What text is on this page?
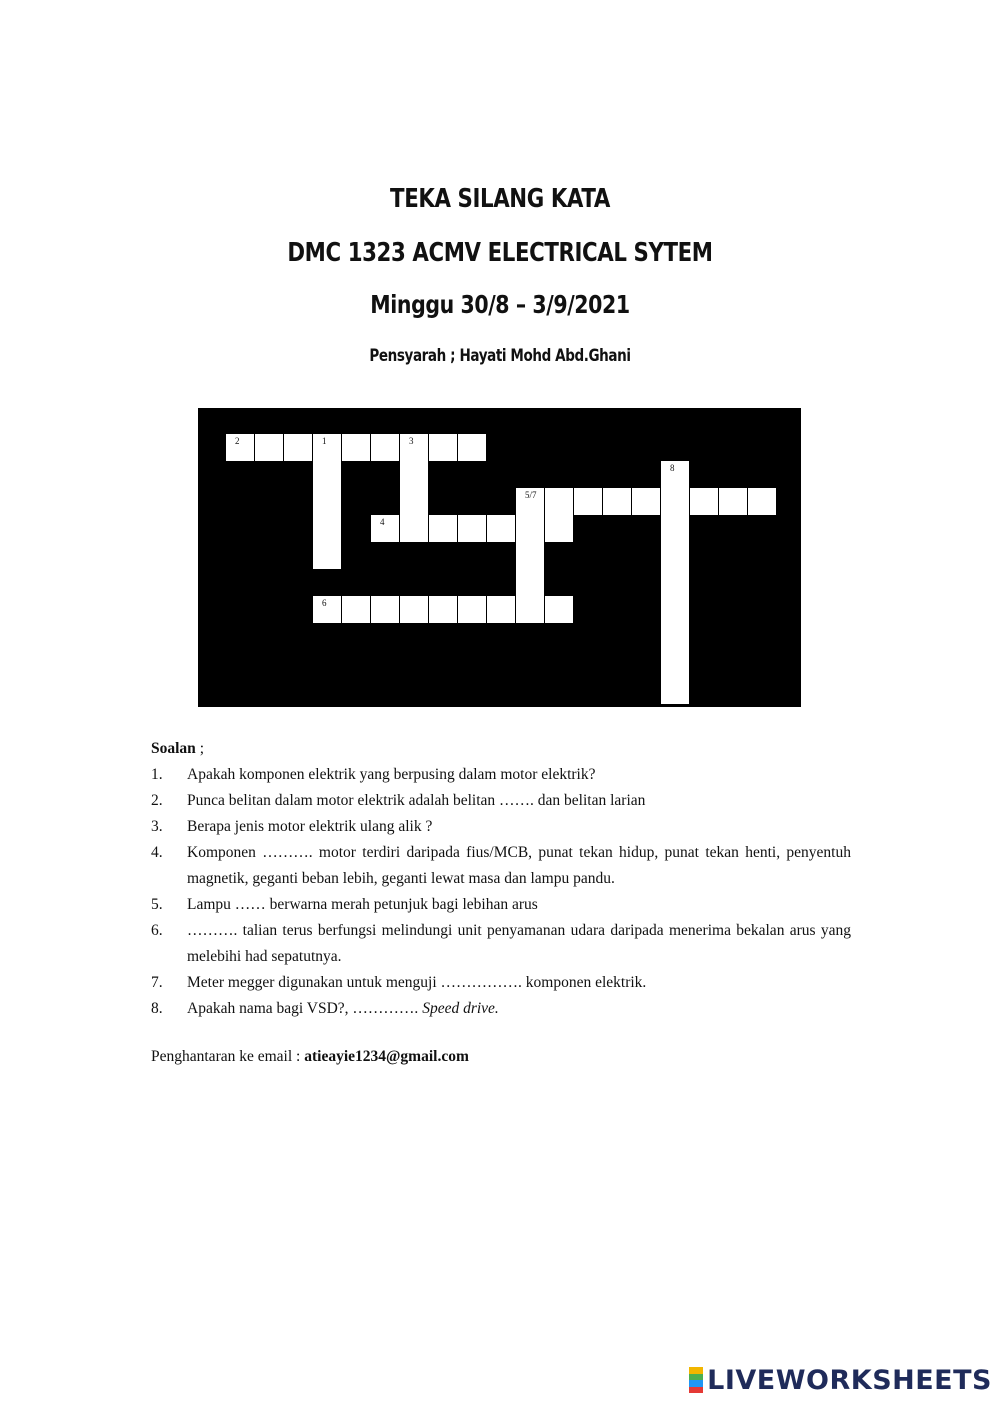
TEKA SILANG KATA
DMC 1323 ACMV ELECTRICAL SYTEM
Minggu 30/8 – 3/9/2021
Pensyarah ; Hayati Mohd Abd.Ghani
2	1	3
8
5/7
4
6
Soalan ;
1. Apakah komponen elektrik yang berpusing dalam motor elektrik?
2. Punca belitan dalam motor elektrik adalah belitan ……. dan belitan larian
3. Berapa jenis motor elektrik ulang alik ?
4. Komponen ………. motor terdiri daripada fius/MCB, punat tekan hidup, punat tekan henti, penyentuh magnetik, geganti beban lebih, geganti lewat masa dan lampu pandu.
5. Lampu …… berwarna merah petunjuk bagi lebihan arus
6. ………. talian terus berfungsi melindungi unit penyamanan udara daripada menerima bekalan arus yang melebihi had sepatutnya.
7. Meter megger digunakan untuk menguji ……………. komponen elektrik.
8. Apakah nama bagi VSD?, …………. Speed drive.
Penghantaran ke email : atieayie1234@gmail.com
LIVEWORKSHEETS
